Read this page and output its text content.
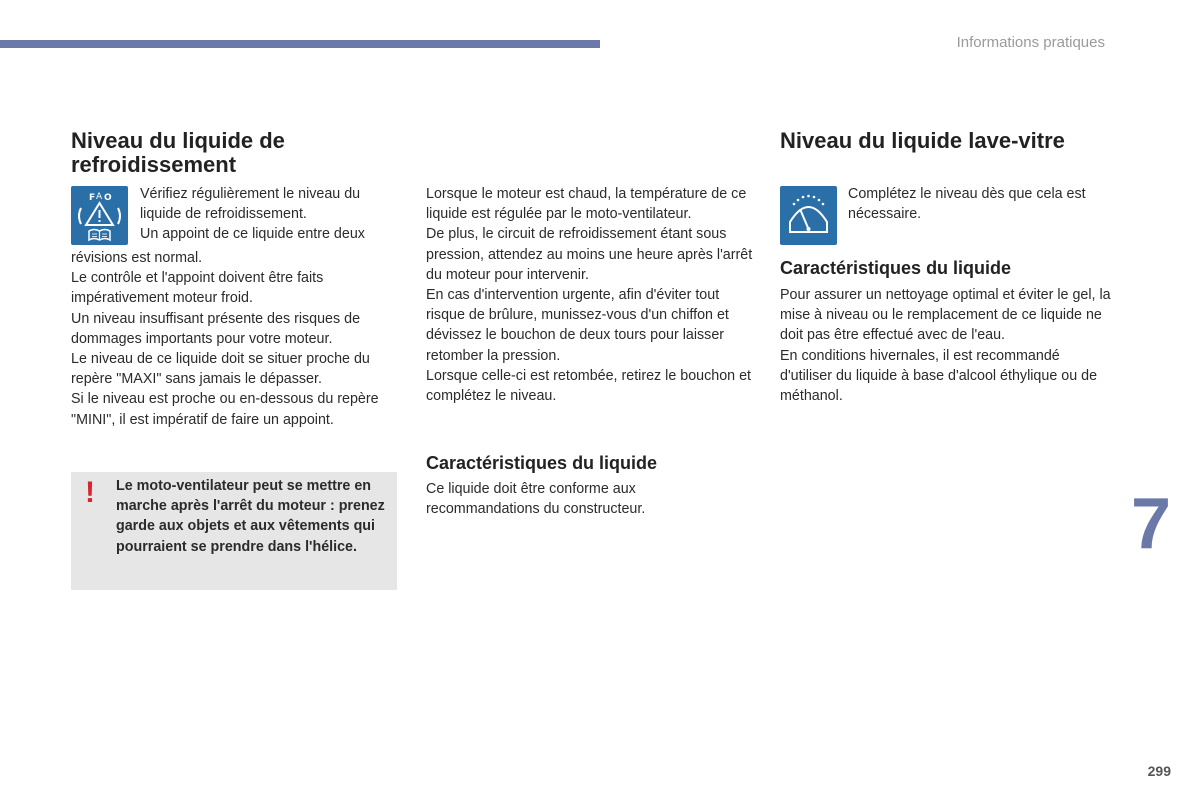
Informations pratiques
Niveau du liquide de refroidissement
F A O Vérifiez régulièrement le niveau du

liquide de refroidissement.

Un appoint de ce liquide entre deux

révisions est normal.

Le contrôle et l'appoint doivent être faits impérativement moteur froid.

Un niveau insuffisant présente des risques de dommages importants pour votre moteur.

Le niveau de ce liquide doit se situer proche du repère "MAXI" sans jamais le dépasser.

Si le niveau est proche ou en-dessous du repère "MINI", il est impératif de faire un appoint.

! Le moto-ventilateur peut se mettre en marche après l'arrêt du moteur : prenez garde aux objets et aux vêtements qui pourraient se prendre dans l'hélice.

Lorsque le moteur est chaud, la température de ce liquide est régulée par le moto-ventilateur.

De plus, le circuit de refroidissement étant sous pression, attendez au moins une heure après l'arrêt du moteur pour intervenir.

En cas d'intervention urgente, afin d'éviter tout risque de brûlure, munissez-vous d'un chiffon et dévissez le bouchon de deux tours pour laisser retomber la pression.

Lorsque celle-ci est retombée, retirez le bouchon et complétez le niveau.

Caractéristiques du liquide

Ce liquide doit être conforme aux recommandations du constructeur.

Niveau du liquide lave-vitre

Complétez le niveau dès que cela est nécessaire.

Caractéristiques du liquide

Pour assurer un nettoyage optimal et éviter le gel, la mise à niveau ou le remplacement de ce liquide ne doit pas être effectué avec de l'eau.

En conditions hivernales, il est recommandé d'utiliser du liquide à base d'alcool éthylique ou de méthanol.

7
299
